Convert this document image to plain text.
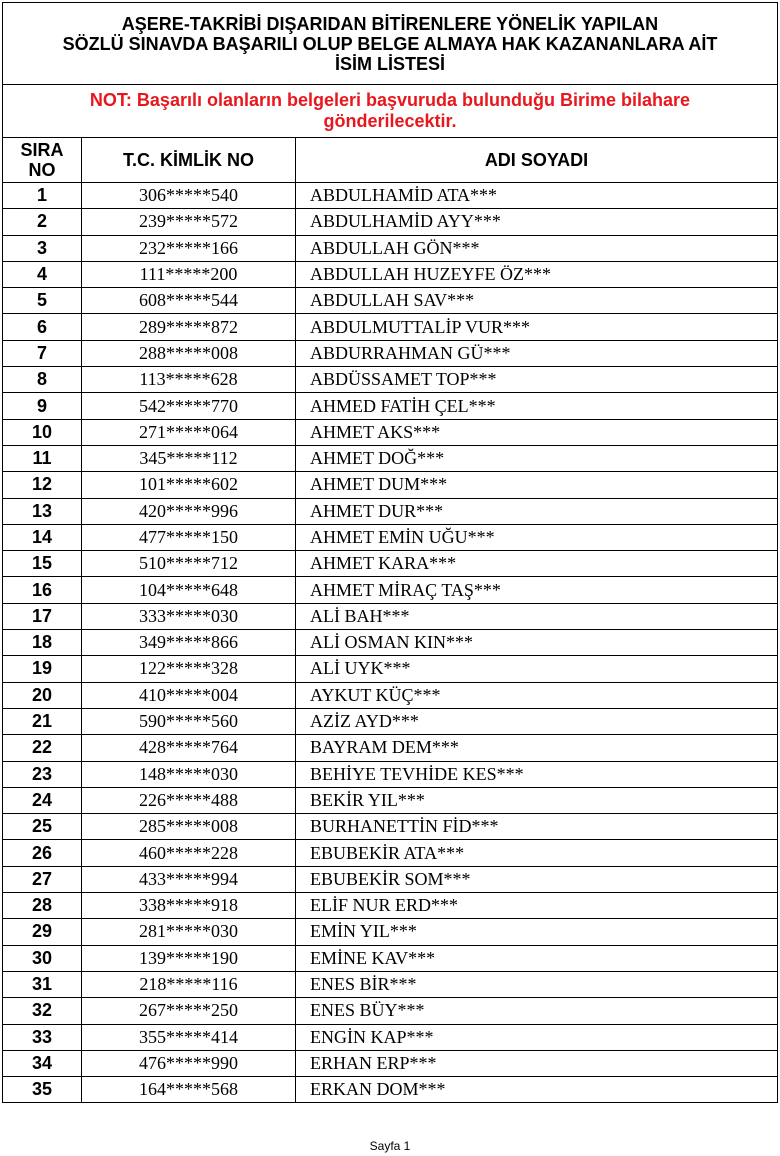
AŞERE-TAKRİBİ DIŞARIDAN BİTİRENLERE YÖNELİK YAPILAN
SÖZLÜ SINAVDA BAŞARILI OLUP BELGE ALMAYA HAK KAZANANLARA AİT
İSİM LİSTESİ		

NOT: Başarılı olanların belgeleri başvuruda bulunduğu Birime bilahare
gönderilecektir.		

SIRA
NO	T.C. KİMLİK NO	ADI SOYADI
1	306*****540	ABDULHAMİD ATA***
2	239*****572	ABDULHAMİD AYY***
3	232*****166	ABDULLAH GÖN***
4	111*****200	ABDULLAH HUZEYFE ÖZ***
5	608*****544	ABDULLAH SAV***
6	289*****872	ABDULMUTTALİP VUR***
7	288*****008	ABDURRAHMAN GÜ***
8	113*****628	ABDÜSSAMET TOP***
9	542*****770	AHMED FATİH ÇEL***
10	271*****064	AHMET AKS***
11	345*****112	AHMET DOĞ***
12	101*****602	AHMET DUM***
13	420*****996	AHMET DUR***
14	477*****150	AHMET EMİN UĞU***
15	510*****712	AHMET KARA***
16	104*****648	AHMET MİRAÇ TAŞ***
17	333*****030	ALİ BAH***
18	349*****866	ALİ OSMAN KIN***
19	122*****328	ALİ UYK***
20	410*****004	AYKUT KÜÇ***
21	590*****560	AZİZ AYD***
22	428*****764	BAYRAM DEM***
23	148*****030	BEHİYE TEVHİDE KES***
24	226*****488	BEKİR YIL***
25	285*****008	BURHANETTİN FİD***
26	460*****228	EBUBEKİR ATA***
27	433*****994	EBUBEKİR SOM***
28	338*****918	ELİF NUR ERD***
29	281*****030	EMİN YIL***
30	139*****190	EMİNE KAV***
31	218*****116	ENES BİR***
32	267*****250	ENES BÜY***
33	355*****414	ENGİN KAP***
34	476*****990	ERHAN ERP***
35	164*****568	ERKAN DOM***
Sayfa 1
